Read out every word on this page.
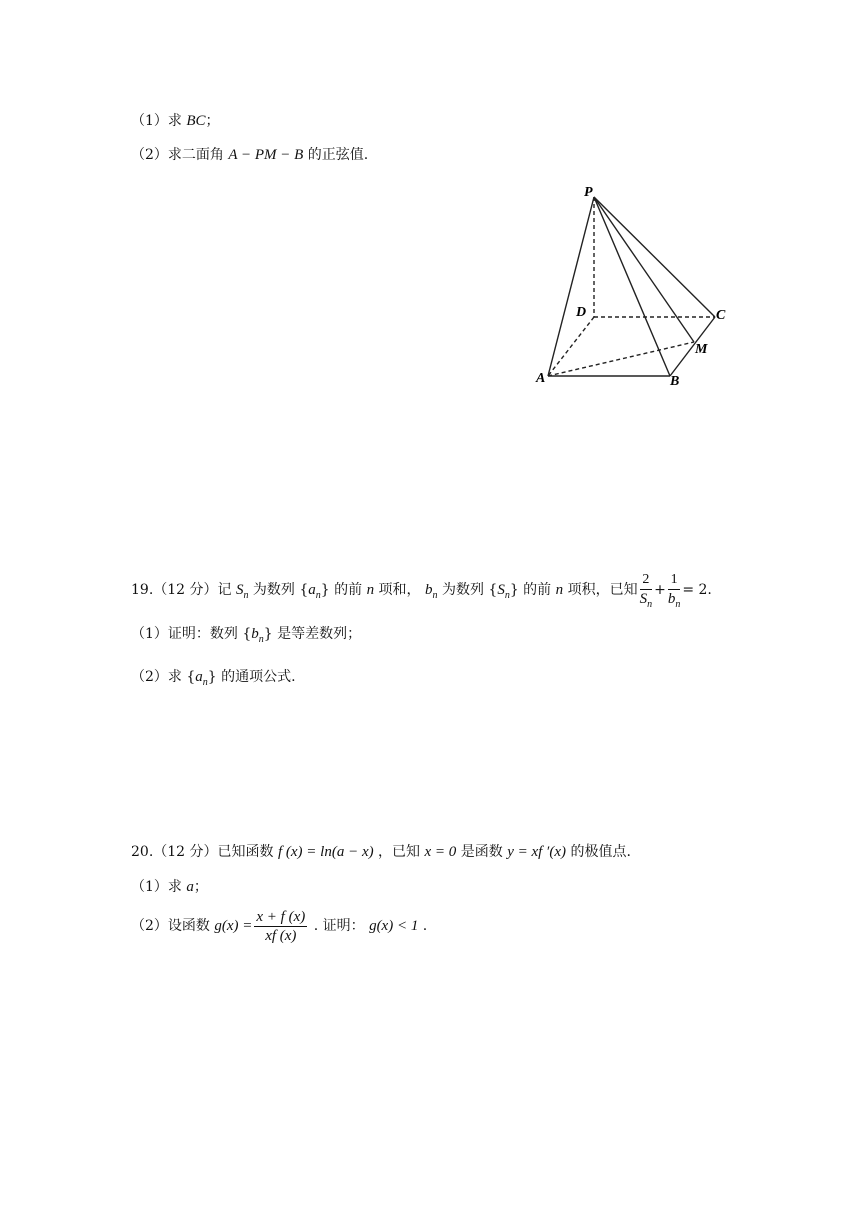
（1）求 BC；
（2）求二面角 A − PM − B 的正弦值.
P
D	C
M
A	B
19.（12 分）记 $S_n$ 为数列 $\{a_n\}$ 的前 n 项和， $b_n$ 为数列 $\{S_n\}$ 的前 n 项积，已知 $\frac{2}{S_n} + \frac{1}{b_n} = 2$.
（1）证明：数列 $\{b_n\}$ 是等差数列；
（2）求 $\{a_n\}$ 的通项公式.
20.（12 分）已知函数 f (x) = ln(a − x) ，已知 x = 0 是函数 y = xf ′(x) 的极值点.
（1）求 a；
（2）设函数 $g(x) = \frac{x + f (x)}{xf (x)}$ . 证明： g(x) < 1 .
